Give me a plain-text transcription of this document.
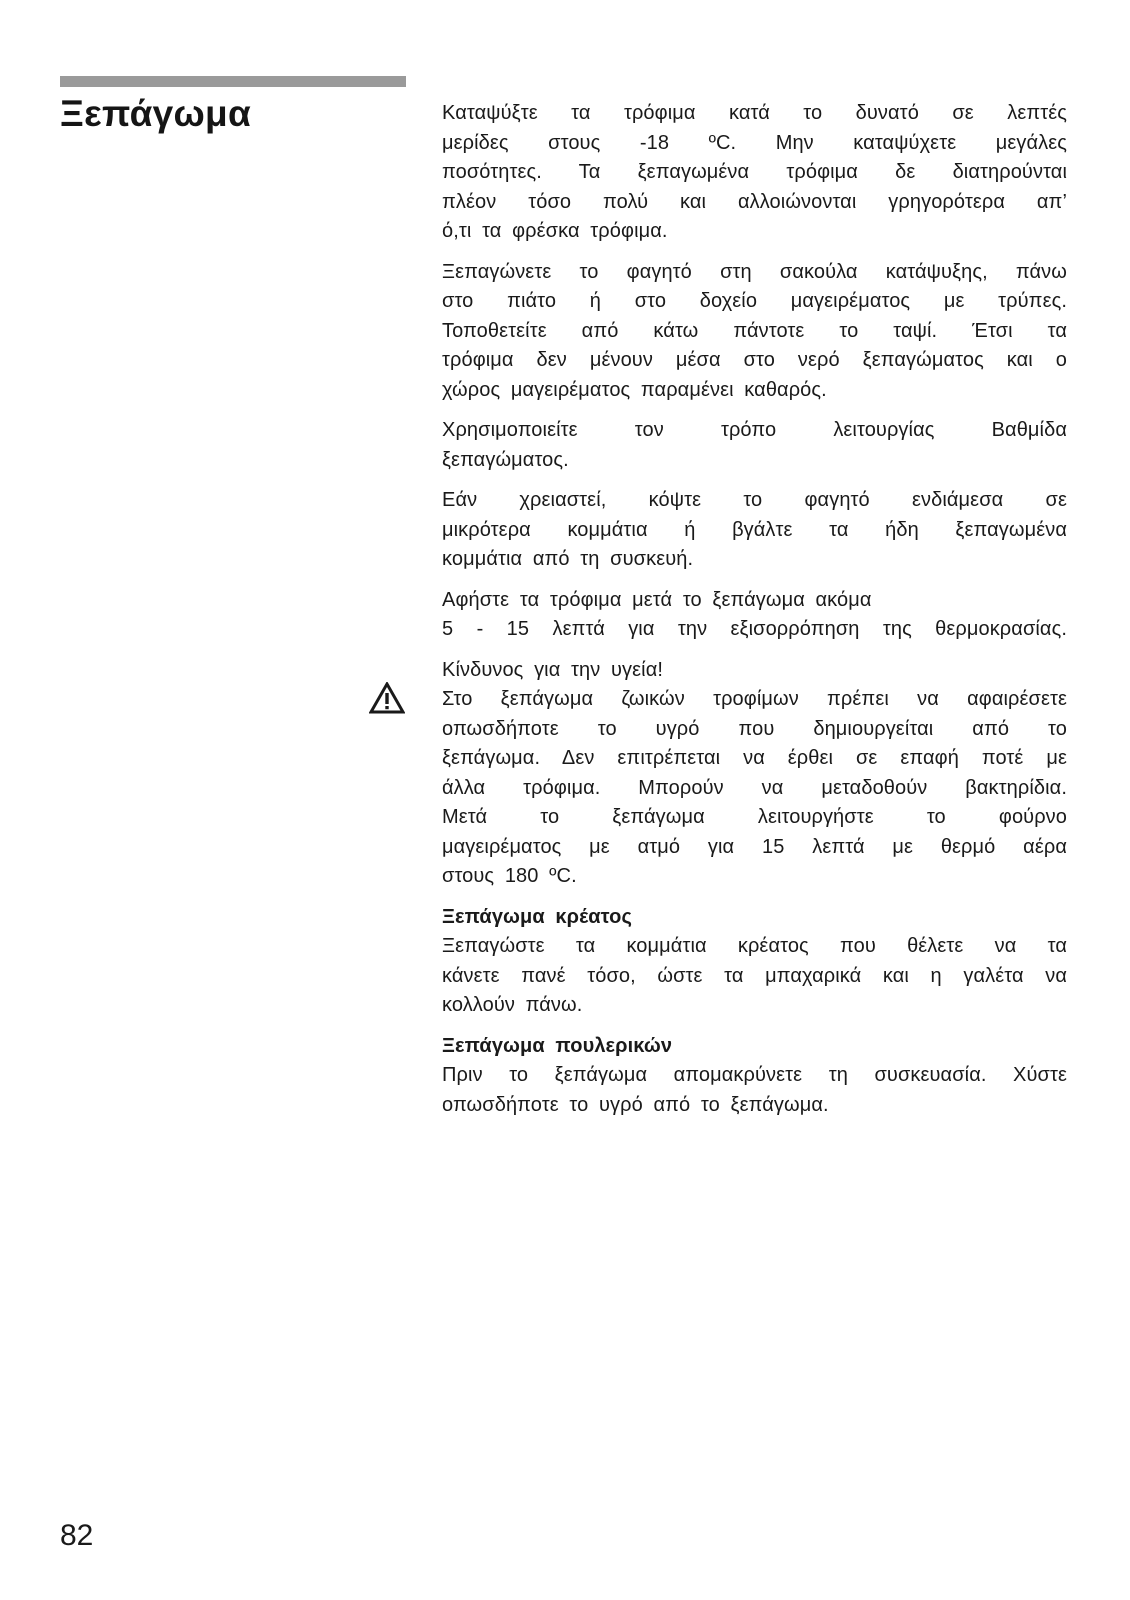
Ξεπάγωμα	Καταψύξτε τα τρόφιμα κατά το δυνατό σε λεπτές
μερίδες στους -18 ºC. Μην καταψύχετε μεγάλες
ποσότητες. Τα ξεπαγωμένα τρόφιμα δε διατηρούνται
πλέον τόσο πολύ και αλλοιώνονται γρηγορότερα απ’
ό,τι τα φρέσκα τρόφιμα.

Ξεπαγώνετε το φαγητό στη σακούλα κατάψυξης, πάνω
στο πιάτο ή στο δοχείο μαγειρέματος με τρύπες.
Τοποθετείτε από κάτω πάντοτε το ταψί. Έτσι τα
τρόφιμα δεν μένουν μέσα στο νερό ξεπαγώματος και ο
χώρος μαγειρέματος παραμένει καθαρός.

Χρησιμοποιείτε τον τρόπο λειτουργίας Βαθμίδα
ξεπαγώματος.

Εάν χρειαστεί, κόψτε το φαγητό ενδιάμεσα σε
μικρότερα κομμάτια ή βγάλτε τα ήδη ξεπαγωμένα
κομμάτια από τη συσκευή.

Αφήστε τα τρόφιμα μετά το ξεπάγωμα ακόμα
5 - 15 λεπτά για την εξισορρόπηση της θερμοκρασίας.

Κίνδυνος για την υγεία!
Στο ξεπάγωμα ζωικών τροφίμων πρέπει να αφαιρέσετε
οπωσδήποτε το υγρό που δημιουργείται από το
ξεπάγωμα. Δεν επιτρέπεται να έρθει σε επαφή ποτέ με
άλλα τρόφιμα. Μπορούν να μεταδοθούν βακτηρίδια.
Μετά το ξεπάγωμα λειτουργήστε το φούρνο
μαγειρέματος με ατμό για 15 λεπτά με θερμό αέρα
στους 180 ºC.

Ξεπάγωμα κρέατος
Ξεπαγώστε τα κομμάτια κρέατος που θέλετε να τα
κάνετε πανέ τόσο, ώστε τα μπαχαρικά και η γαλέτα να
κολλούν πάνω.

Ξεπάγωμα πουλερικών
Πριν το ξεπάγωμα απομακρύνετε τη συσκευασία. Χύστε
οπωσδήποτε το υγρό από το ξεπάγωμα.

82
